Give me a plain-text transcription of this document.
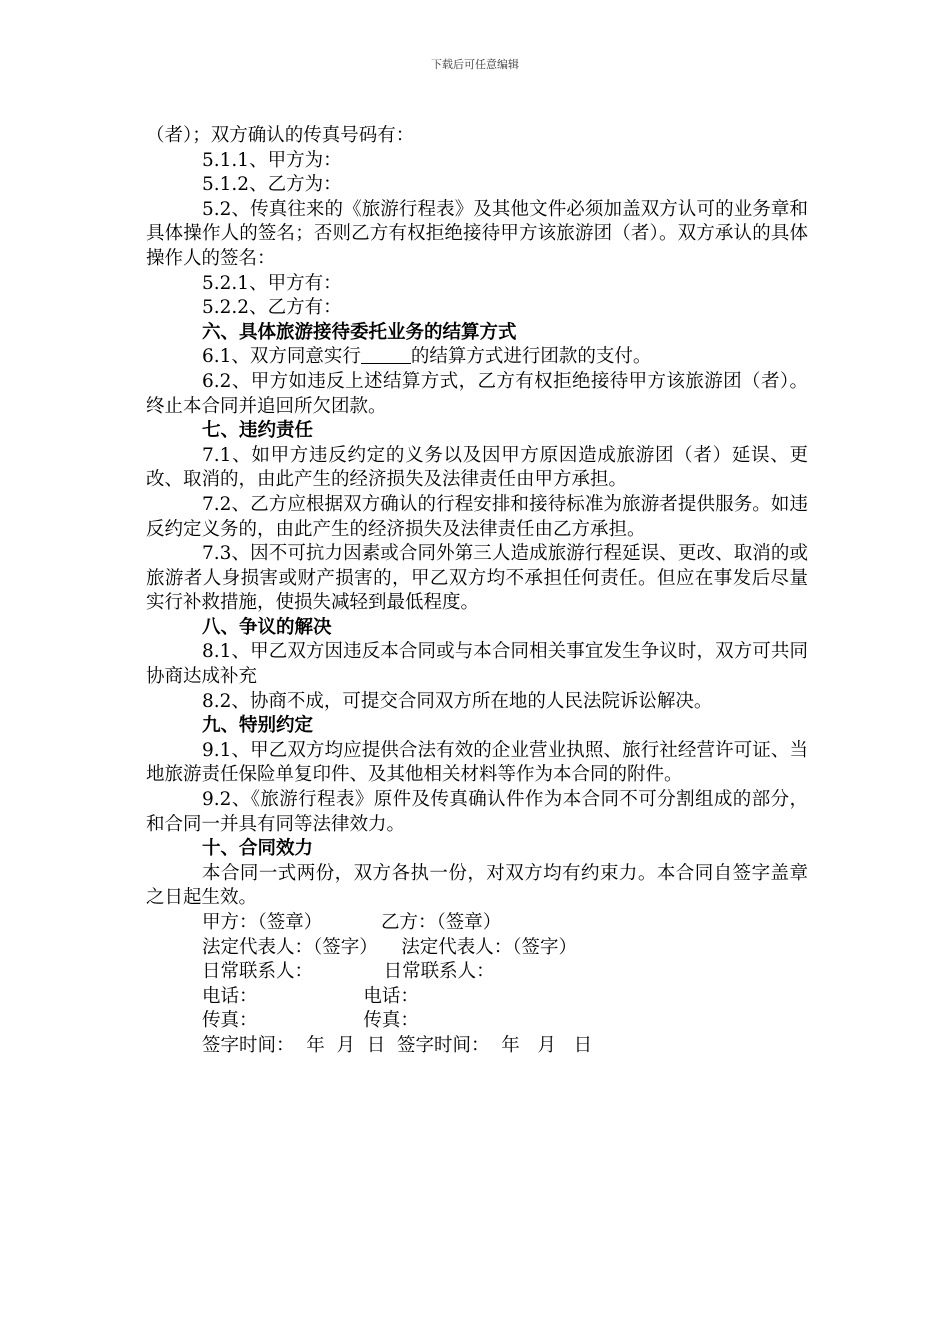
下载后可任意编辑

（者）；双方确认的传真号码有：

5.1.1、甲方为：

5.1.2、乙方为：

5.2、传真往来的《旅游行程表》及其他文件必须加盖双方认可的业务章和具体操作人的签名；否则乙方有权拒绝接待甲方该旅游团（者）。双方承认的具体操作人的签名：

5.2.1、甲方有：

5.2.2、乙方有：

六、具体旅游接待委托业务的结算方式

6.1、双方同意实行	的结算方式进行团款的支付。

6.2、甲方如违反上述结算方式，乙方有权拒绝接待甲方该旅游团（者）。终止本合同并追回所欠团款。

七、违约责任

7.1、如甲方违反约定的义务以及因甲方原因造成旅游团（者）延误、更改、取消的，由此产生的经济损失及法律责任由甲方承担。

7.2、乙方应根据双方确认的行程安排和接待标准为旅游者提供服务。如违反约定义务的，由此产生的经济损失及法律责任由乙方承担。

7.3、因不可抗力因素或合同外第三人造成旅游行程延误、更改、取消的或旅游者人身损害或财产损害的，甲乙双方均不承担任何责任。但应在事发后尽量实行补救措施，使损失减轻到最低程度。

八、争议的解决

8.1、甲乙双方因违反本合同或与本合同相关事宜发生争议时，双方可共同协商达成补充

8.2、协商不成，可提交合同双方所在地的人民法院诉讼解决。

九、特别约定

9.1、甲乙双方均应提供合法有效的企业营业执照、旅行社经营许可证、当地旅游责任保险单复印件、及其他相关材料等作为本合同的附件。

9.2、《旅游行程表》原件及传真确认件作为本合同不可分割组成的部分，和合同一并具有同等法律效力。

十、合同效力

本合同一式两份，双方各执一份，对双方均有约束力。本合同自签字盖章之日起生效。

甲方：（签章）          乙方：（签章）

法定代表人：（签字）    法定代表人：（签字）

日常联系人：            日常联系人：

电话：                  电话：

传真：                  传真：

签字时间：  年  月  日  签字时间：  年   月   日
